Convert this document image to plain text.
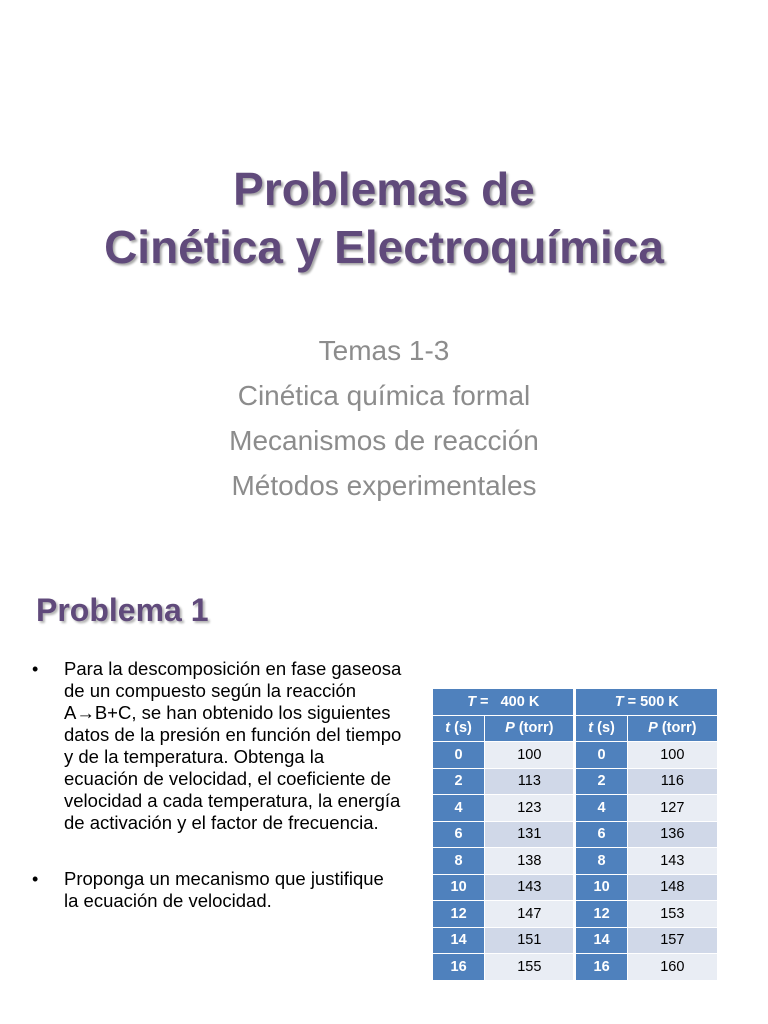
Problemas de
Cinética y Electroquímica
Temas 1-3
Cinética química formal
Mecanismos de reacción
Métodos experimentales
Problema 1
•	Para la descomposición en fase gaseosa de un compuesto según la reacción A→B+C, se han obtenido los siguientes datos de la presión en función del tiempo y de la temperatura. Obtenga la ecuación de velocidad, el coeficiente de velocidad a cada temperatura, la energía de activación y el factor de frecuencia.
•	Proponga un mecanismo que justifique la ecuación de velocidad.
T = 400 K		T = 500 K	
t (s)	P (torr)	t (s)	P (torr)
0	100	0	100
2	113	2	116
4	123	4	127
6	131	6	136
8	138	8	143
10	143	10	148
12	147	12	153
14	151	14	157
16	155	16	160
